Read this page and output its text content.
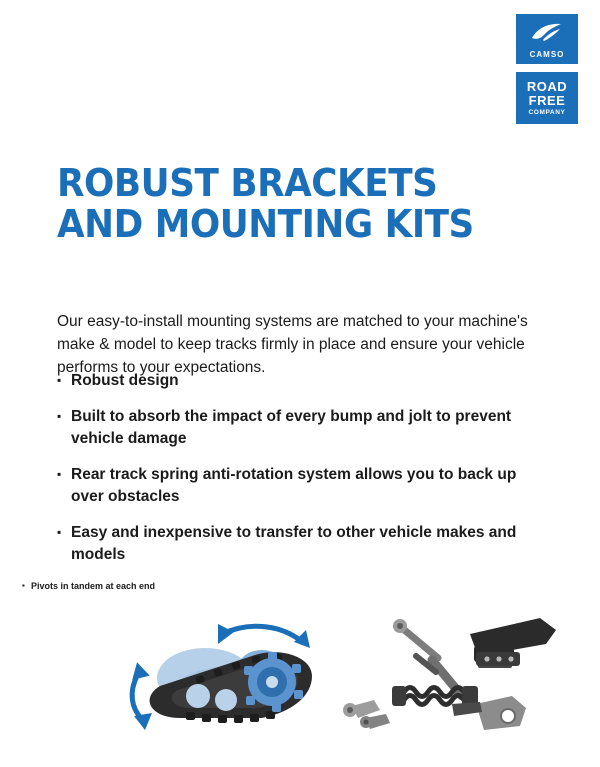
CAMSO
ROAD
FREE
COMPANY
ROBUST BRACKETS
AND MOUNTING KITS

Our easy-to-install mounting systems are matched to your machine's make & model to keep tracks firmly in place and ensure your vehicle performs to your expectations.

▪ Robust design
▪ Built to absorb the impact of every bump and jolt to prevent vehicle damage
▪ Rear track spring anti-rotation system allows you to back up over obstacles
▪ Easy and inexpensive to transfer to other vehicle makes and models
▪ Pivots in tandem at each end
